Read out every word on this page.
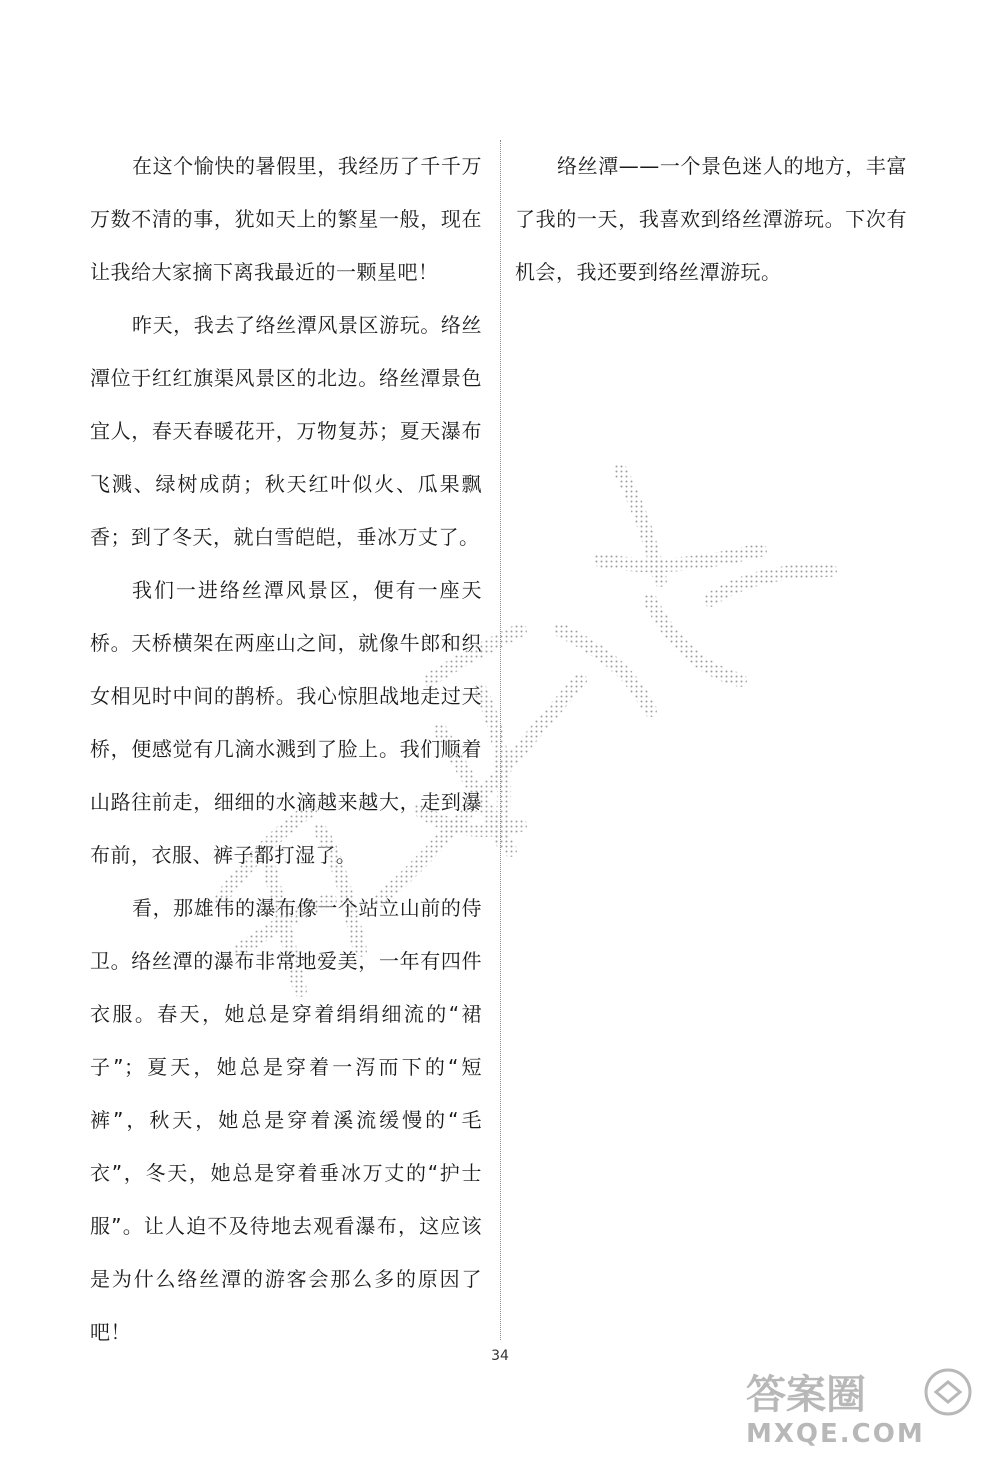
在这个愉快的暑假里，我经历了千千万万数不清的事，犹如天上的繁星一般，现在让我给大家摘下离我最近的一颗星吧！

昨天，我去了络丝潭风景区游玩。络丝潭位于红红旗渠风景区的北边。络丝潭景色宜人，春天春暖花开，万物复苏；夏天瀑布飞溅、绿树成荫；秋天红叶似火、瓜果飘香；到了冬天，就白雪皑皑，垂冰万丈了。

我们一进络丝潭风景区，便有一座天桥。天桥横架在两座山之间，就像牛郎和织女相见时中间的鹊桥。我心惊胆战地走过天桥，便感觉有几滴水溅到了脸上。我们顺着山路往前走，细细的水滴越来越大，走到瀑布前，衣服、裤子都打湿了。

看，那雄伟的瀑布像一个站立山前的侍卫。络丝潭的瀑布非常地爱美，一年有四件衣服。春天，她总是穿着绢绢细流的“裙子”；夏天，她总是穿着一泻而下的“短裤”，秋天，她总是穿着溪流缓慢的“毛衣”，冬天，她总是穿着垂冰万丈的“护士服”。让人迫不及待地去观看瀑布，这应该是为什么络丝潭的游客会那么多的原因了吧！

络丝潭——一个景色迷人的地方，丰富了我的一天，我喜欢到络丝潭游玩。下次有机会，我还要到络丝潭游玩。

34
答案圈
MXQE.COM
